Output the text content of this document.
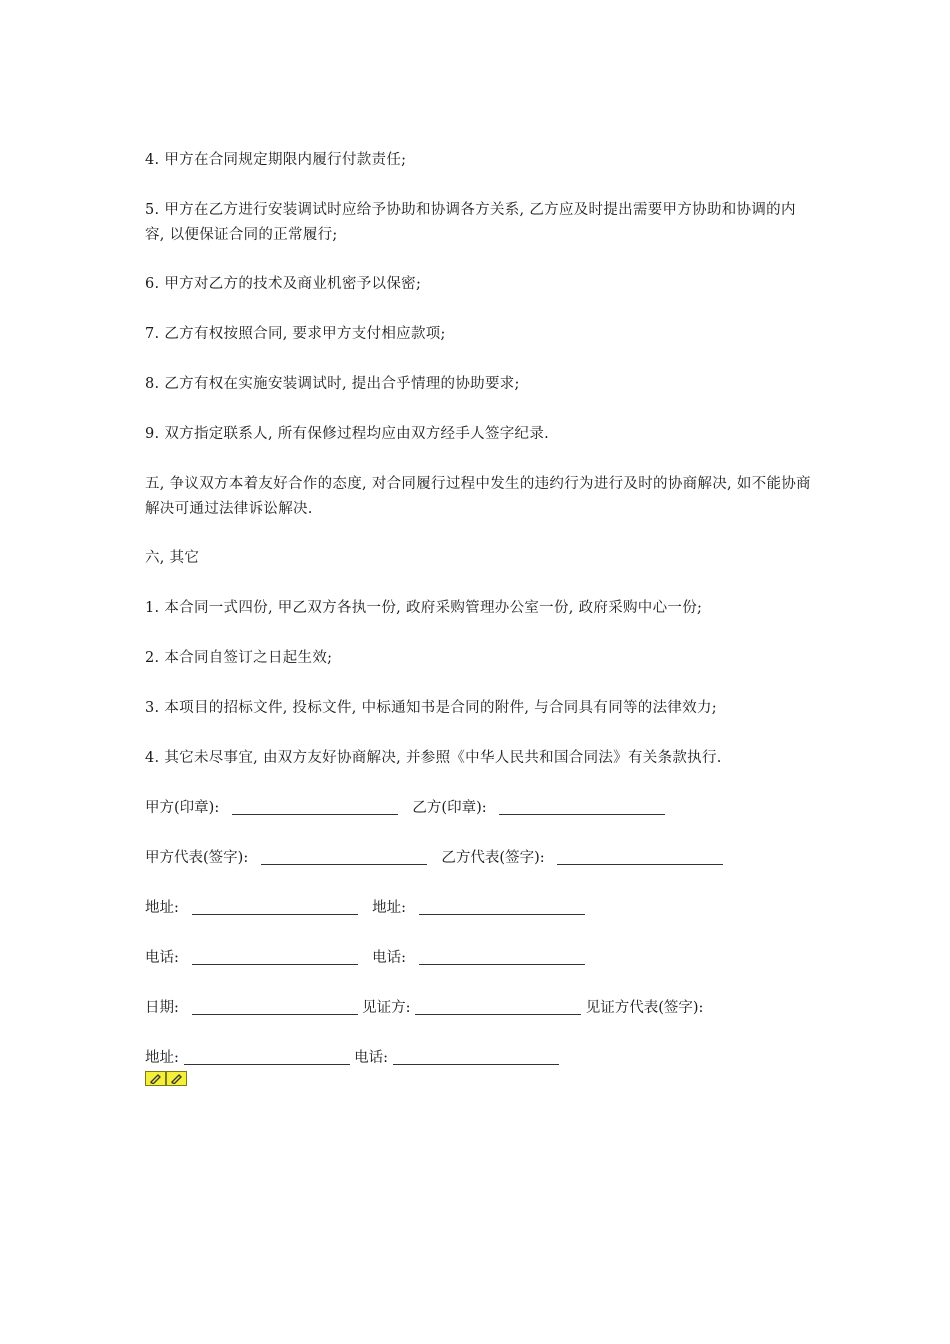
4. 甲方在合同规定期限内履行付款责任;

5. 甲方在乙方进行安装调试时应给予协助和协调各方关系, 乙方应及时提出需要甲方协助和协调的内容, 以便保证合同的正常履行;

6. 甲方对乙方的技术及商业机密予以保密;

7. 乙方有权按照合同, 要求甲方支付相应款项;

8. 乙方有权在实施安装调试时, 提出合乎情理的协助要求;

9. 双方指定联系人, 所有保修过程均应由双方经手人签字纪录.

五, 争议双方本着友好合作的态度, 对合同履行过程中发生的违约行为进行及时的协商解决, 如不能协商解决可通过法律诉讼解决.

六, 其它

1. 本合同一式四份, 甲乙双方各执一份, 政府采购管理办公室一份, 政府采购中心一份;

2. 本合同自签订之日起生效;

3. 本项目的招标文件, 投标文件, 中标通知书是合同的附件, 与合同具有同等的法律效力;

4. 其它未尽事宜, 由双方友好协商解决, 并参照《中华人民共和国合同法》有关条款执行.

甲方(印章):	乙方(印章):
甲方代表(签字):	乙方代表(签字):
地址:	地址:
电话:	电话:
日期:	见证方:	见证方代表(签字):
地址:	电话:
